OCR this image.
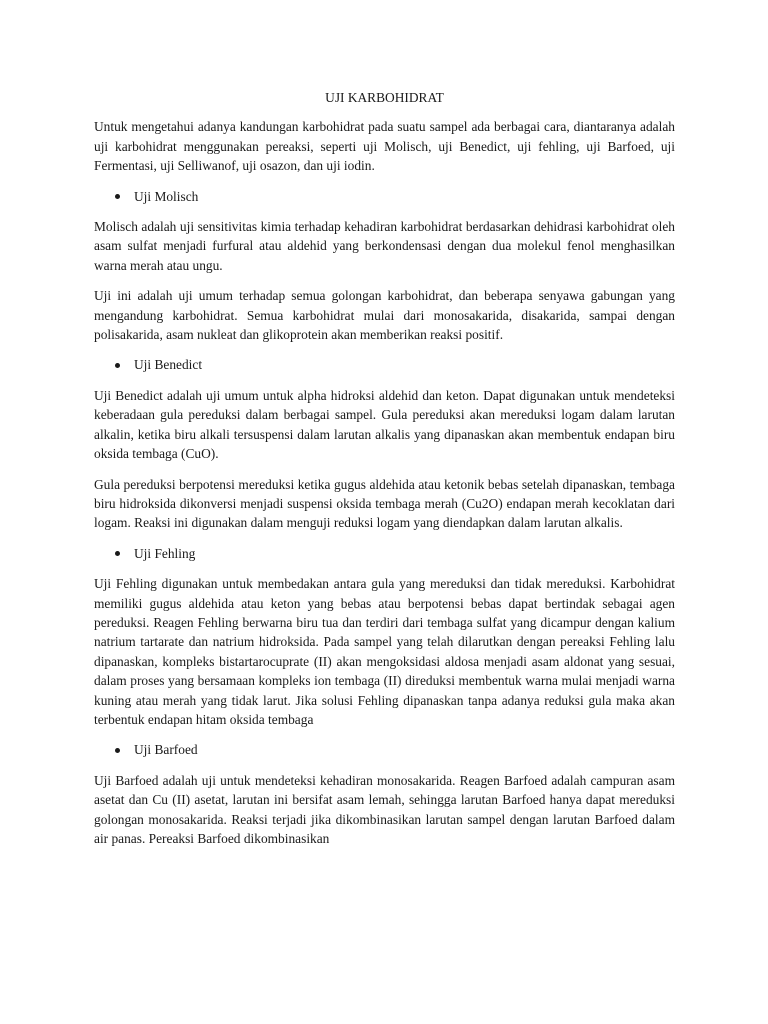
UJI KARBOHIDRAT

Untuk mengetahui adanya kandungan karbohidrat pada suatu sampel ada berbagai cara, diantaranya adalah uji karbohidrat menggunakan pereaksi, seperti uji Molisch, uji Benedict, uji fehling, uji Barfoed, uji Fermentasi, uji Selliwanof, uji osazon, dan uji iodin.

Uji Molisch

Molisch adalah uji sensitivitas kimia terhadap kehadiran karbohidrat berdasarkan dehidrasi karbohidrat oleh asam sulfat menjadi furfural atau aldehid yang berkondensasi dengan dua molekul fenol menghasilkan warna merah atau ungu.

Uji ini adalah uji umum terhadap semua golongan karbohidrat, dan beberapa senyawa gabungan yang mengandung karbohidrat. Semua karbohidrat mulai dari monosakarida, disakarida, sampai dengan polisakarida, asam nukleat dan glikoprotein akan memberikan reaksi positif.

Uji Benedict

Uji Benedict adalah uji umum untuk alpha hidroksi aldehid dan keton. Dapat digunakan untuk mendeteksi keberadaan gula pereduksi dalam berbagai sampel. Gula pereduksi akan mereduksi logam dalam larutan alkalin, ketika biru alkali tersuspensi dalam larutan alkalis yang dipanaskan akan membentuk endapan biru oksida tembaga (CuO).

Gula pereduksi berpotensi mereduksi ketika gugus aldehida atau ketonik bebas setelah dipanaskan, tembaga biru hidroksida dikonversi menjadi suspensi oksida tembaga merah (Cu2O) endapan merah kecoklatan dari logam. Reaksi ini digunakan dalam menguji reduksi logam yang diendapkan dalam larutan alkalis.

Uji Fehling

Uji Fehling digunakan untuk membedakan antara gula yang mereduksi dan tidak mereduksi. Karbohidrat memiliki gugus aldehida atau keton yang bebas atau berpotensi bebas dapat bertindak sebagai agen pereduksi. Reagen Fehling berwarna biru tua dan terdiri dari tembaga sulfat yang dicampur dengan kalium natrium tartarate dan natrium hidroksida. Pada sampel yang telah dilarutkan dengan pereaksi Fehling lalu dipanaskan, kompleks bistartarocuprate (II) akan mengoksidasi aldosa menjadi asam aldonat yang sesuai, dalam proses yang bersamaan kompleks ion tembaga (II) direduksi membentuk warna mulai menjadi warna kuning atau merah yang tidak larut. Jika solusi Fehling dipanaskan tanpa adanya reduksi gula maka akan terbentuk endapan hitam oksida tembaga

Uji Barfoed

Uji Barfoed adalah uji untuk mendeteksi kehadiran monosakarida. Reagen Barfoed adalah campuran asam asetat dan Cu (II) asetat, larutan ini bersifat asam lemah, sehingga larutan Barfoed hanya dapat mereduksi golongan monosakarida. Reaksi terjadi jika dikombinasikan larutan sampel dengan larutan Barfoed dalam air panas. Pereaksi Barfoed dikombinasikan
